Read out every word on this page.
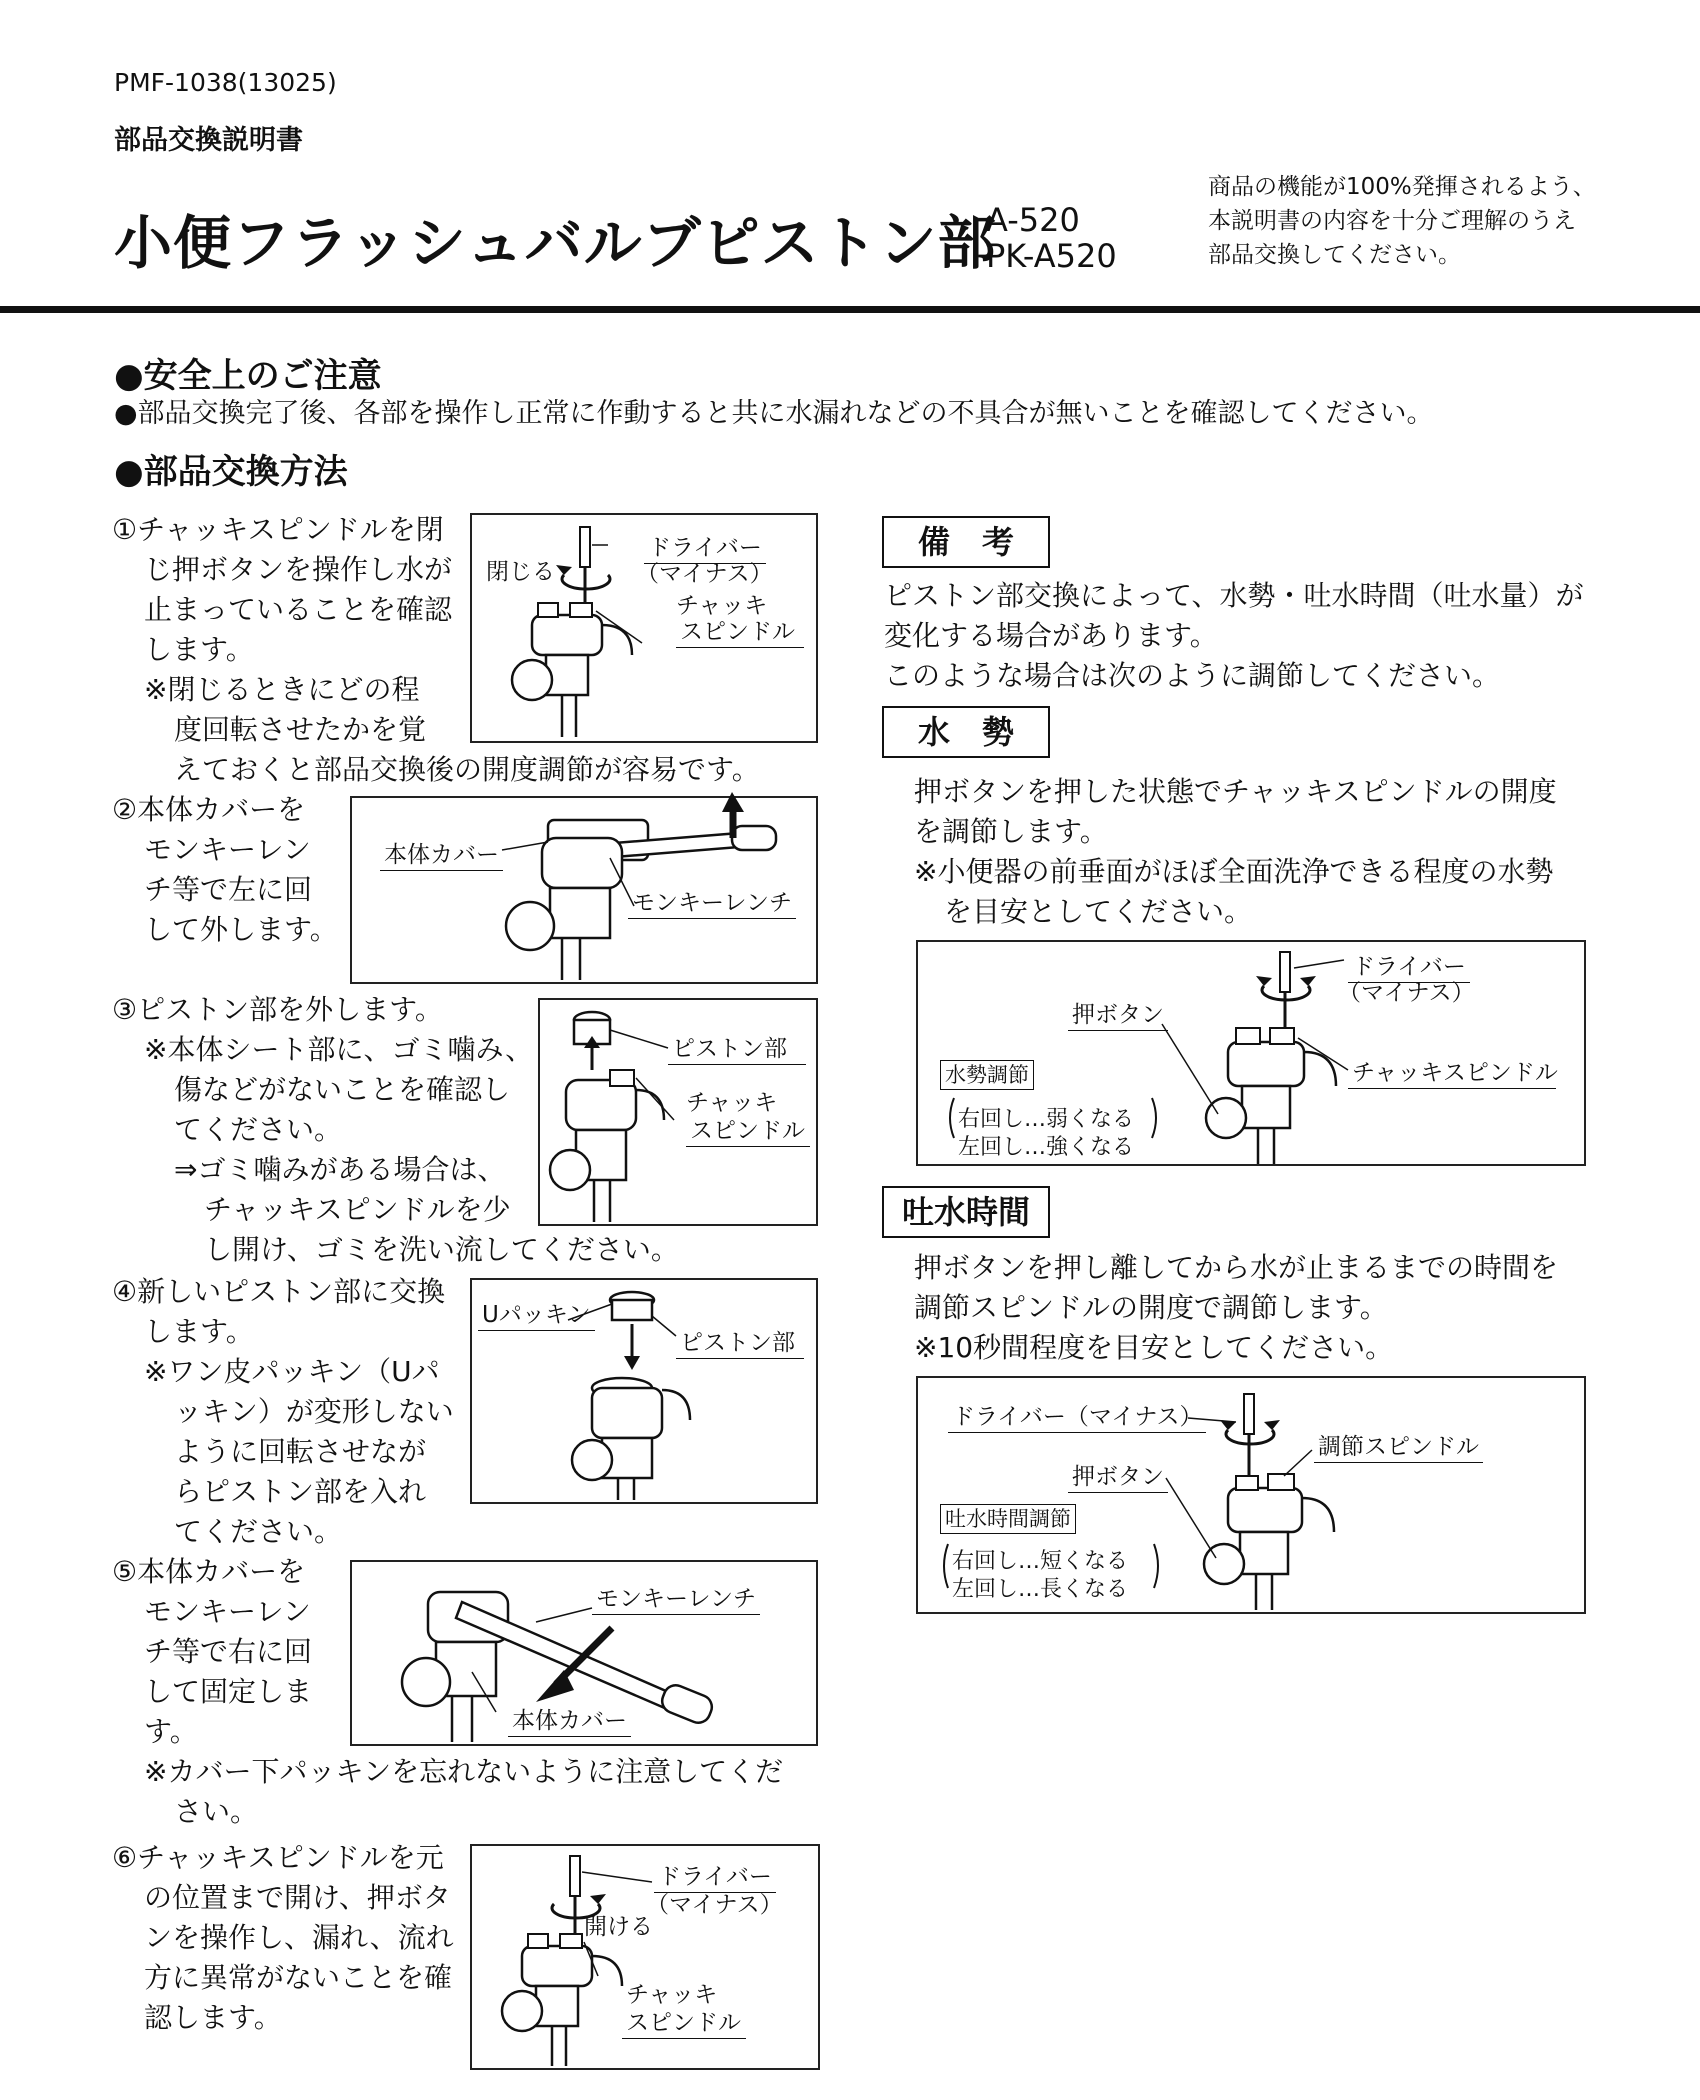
PMF-1038(13025)
部品交換説明書
小便フラッシュバルブピストン部
A-520
PK-A520
商品の機能が100%発揮されるよう、
本説明書の内容を十分ご理解のうえ
部品交換してください。
●安全上のご注意
●部品交換完了後、各部を操作し正常に作動すると共に水漏れなどの不具合が無いことを確認してください。
●部品交換方法
①チャッキスピンドルを閉
じ押ボタンを操作し水が
止まっていることを確認
します。
※閉じるときにどの程
度回転させたかを覚
えておくと部品交換後の開度調節が容易です。
閉じる
ドライバー
（マイナス）
チャッキ
スピンドル
②本体カバーを
モンキーレン
チ等で左に回
して外します。
本体カバー
モンキーレンチ
③ピストン部を外します。
※本体シート部に、ゴミ噛み、
傷などがないことを確認し
てください。
⇒ゴミ噛みがある場合は、
チャッキスピンドルを少
し開け、ゴミを洗い流してください。
ピストン部
チャッキ
スピンドル
④新しいピストン部に交換
します。
※ワン皮パッキン（Uパ
ッキン）が変形しない
ように回転させなが
らピストン部を入れ
てください。
Uパッキン
ピストン部
⑤本体カバーを
モンキーレン
チ等で右に回
して固定しま
す。
※カバー下パッキンを忘れないように注意してくだ
さい。
モンキーレンチ
本体カバー
⑥チャッキスピンドルを元
の位置まで開け、押ボタ
ンを操作し、漏れ、流れ
方に異常がないことを確
認します。
開ける
ドライバー
（マイナス）
チャッキ
スピンドル
備　考
ピストン部交換によって、水勢・吐水時間（吐水量）が
変化する場合があります。
このような場合は次のように調節してください。
水　勢
押ボタンを押した状態でチャッキスピンドルの開度
を調節します。
※小便器の前垂面がほぼ全面洗浄できる程度の水勢
を目安としてください。
ドライバー
（マイナス）
押ボタン
チャッキスピンドル
水勢調節
右回し…弱くなる
左回し…強くなる
吐水時間
押ボタンを押し離してから水が止まるまでの時間を
調節スピンドルの開度で調節します。
※10秒間程度を目安としてください。
ドライバー（マイナス）
押ボタン
調節スピンドル
吐水時間調節
右回し…短くなる
左回し…長くなる
